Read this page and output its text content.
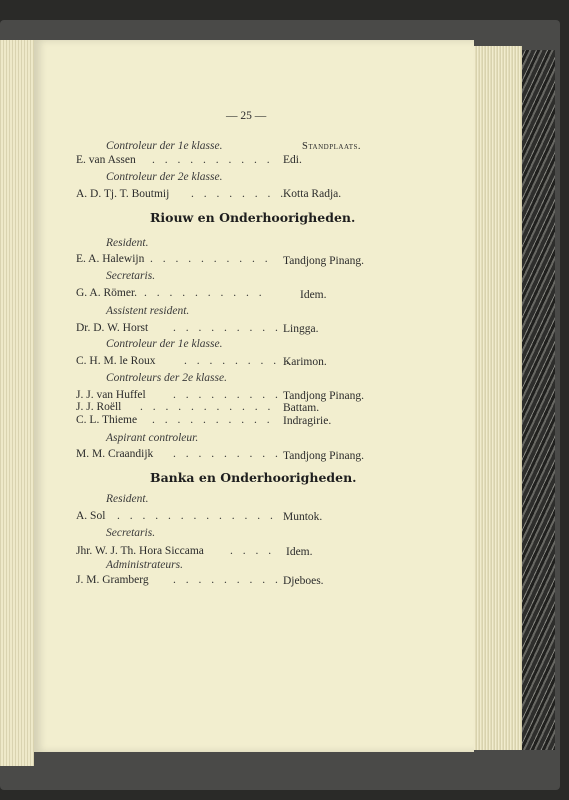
— 25 —
Controleur der 1e klasse.	Standplaats.
E. van Assen . . . . . . . . . . Edi.
Controleur der 2e klasse.
A. D. Tj. T. Boutmij . . . . . . . .
Kotta Radja.
Riouw en Onderhoorigheden.
Resident.
E. A. Halewijn . . . . . . . . . . Tandjong Pinang.
Secretaris.
G. A. Römer. . . . . . . . . . .	Idem.
Assistent resident.
Dr. D. W. Horst . . . . . . . . . Lingga.
Controleur der 1e klasse.
C. H. M. le Roux . . . . . . . . .
Karimon.
Controleurs der 2e klasse.
J. J. van Huffel . . . . . . . . . Tandjong Pinang.
J. J. Roëll . . . . . . . . . . . Battam.
C. L. Thieme . . . . . . . . . . Indragirie.
Aspirant controleur.
M. M. Craandijk . . . . . . . . . Tandjong Pinang.
Banka en Onderhoorigheden.
Resident.
A. Sol . . . . . . . . . . . . . Muntok.
Secretaris.
Jhr. W. J. Th. Hora Siccama . . . . Idem.
Administrateurs.
J. M. Gramberg . . . . . . . . . Djeboes.
